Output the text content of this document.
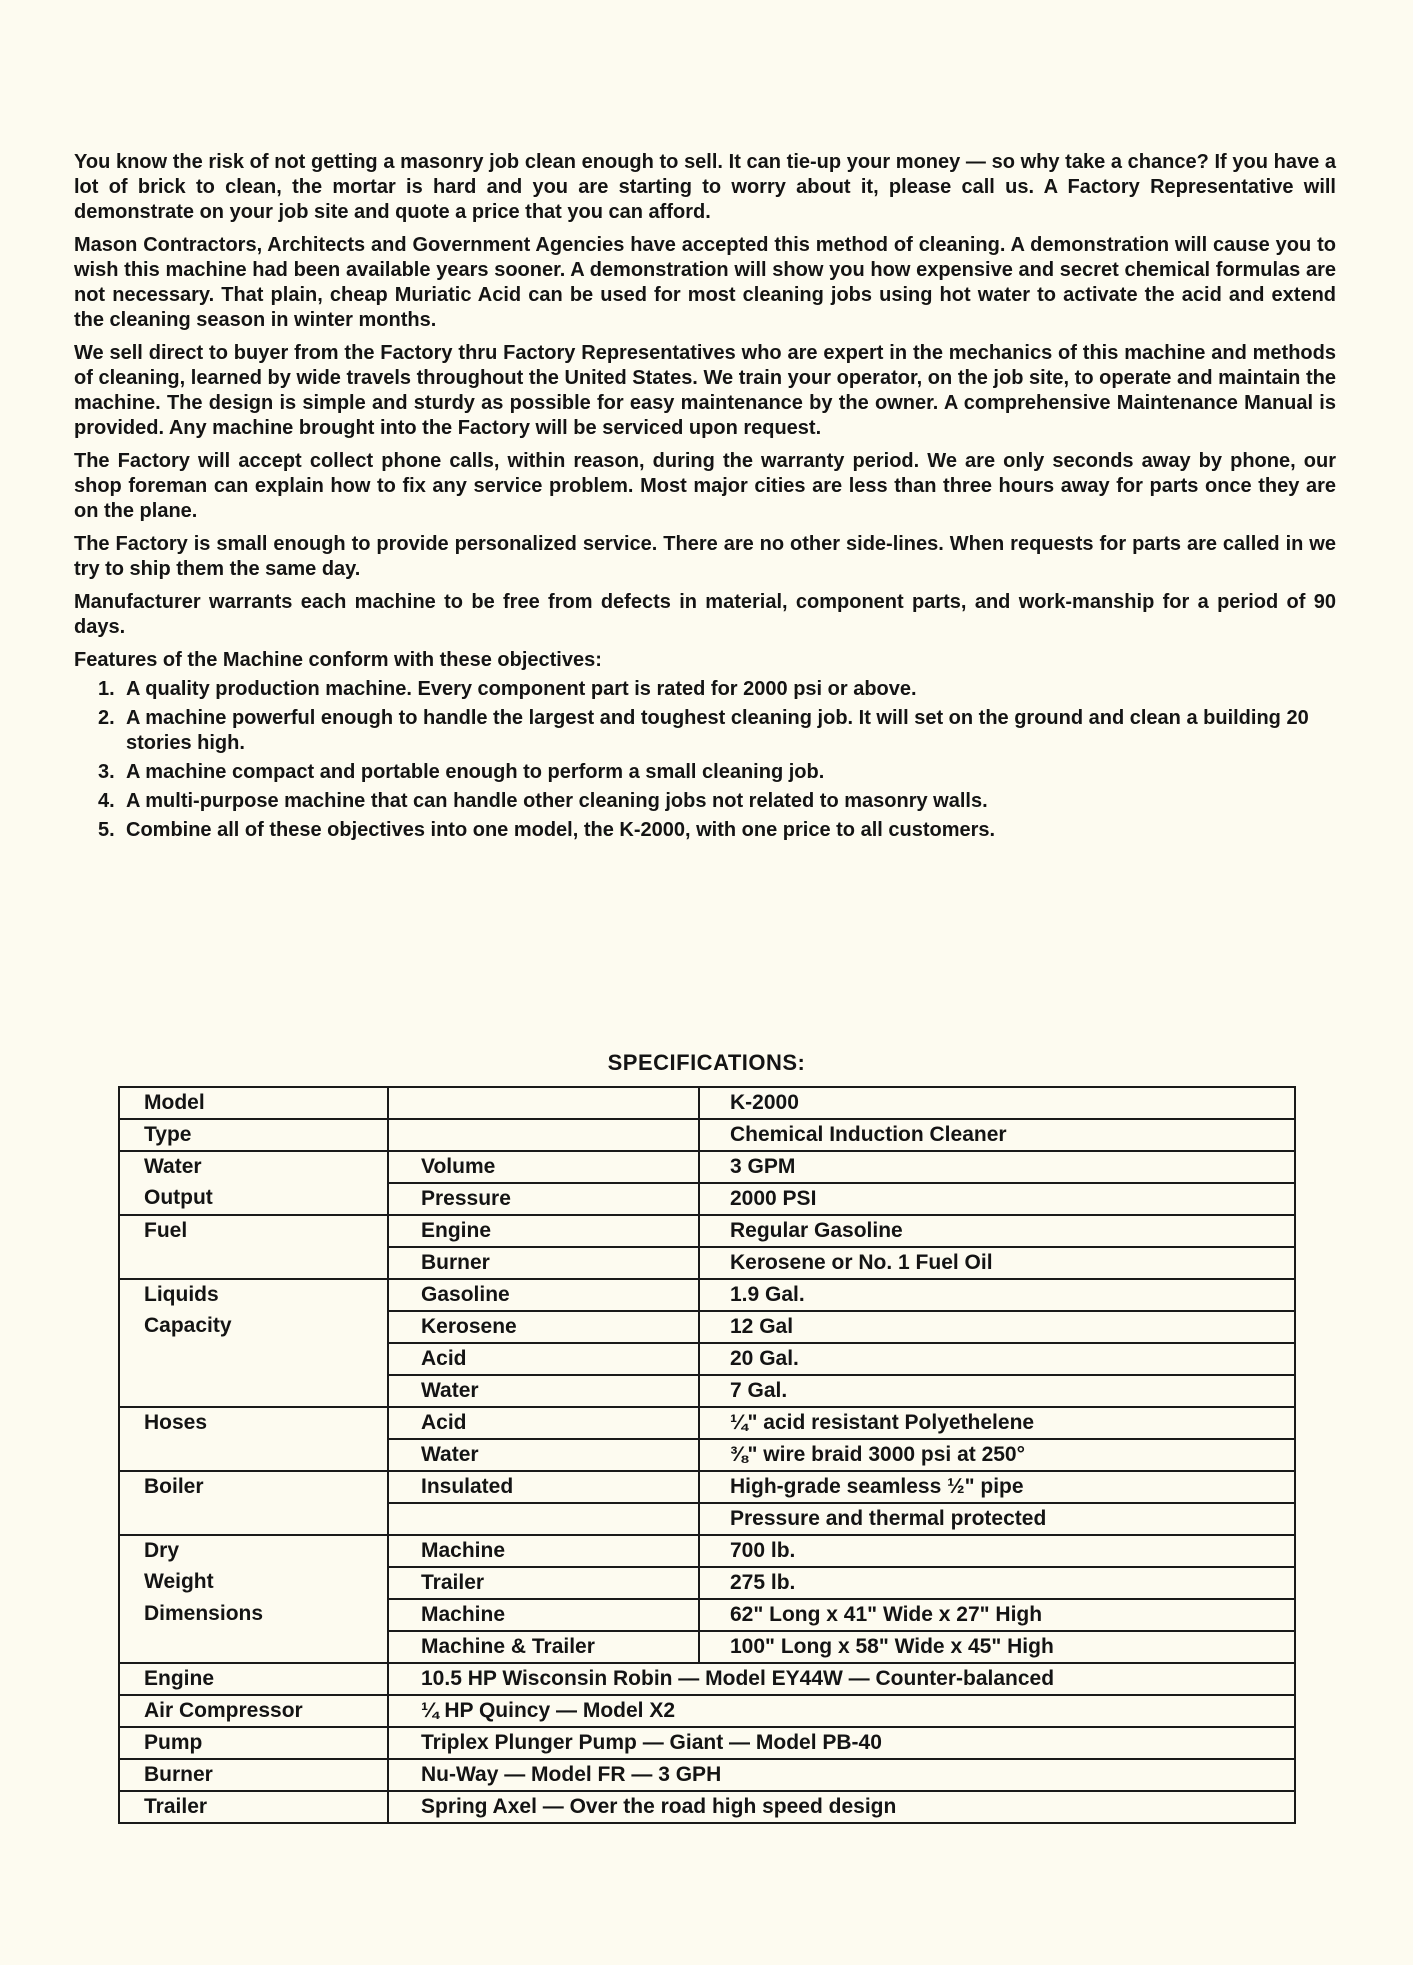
You know the risk of not getting a masonry job clean enough to sell. It can tie-up your money — so why take a chance? If you have a lot of brick to clean, the mortar is hard and you are starting to worry about it, please call us. A Factory Representative will demonstrate on your job site and quote a price that you can afford.

Mason Contractors, Architects and Government Agencies have accepted this method of cleaning. A demonstration will cause you to wish this machine had been available years sooner. A demonstration will show you how expensive and secret chemical formulas are not necessary. That plain, cheap Muriatic Acid can be used for most cleaning jobs using hot water to activate the acid and extend the cleaning season in winter months.

We sell direct to buyer from the Factory thru Factory Representatives who are expert in the mechanics of this machine and methods of cleaning, learned by wide travels throughout the United States. We train your operator, on the job site, to operate and maintain the machine. The design is simple and sturdy as possible for easy maintenance by the owner. A comprehensive Maintenance Manual is provided. Any machine brought into the Factory will be serviced upon request.

The Factory will accept collect phone calls, within reason, during the warranty period. We are only seconds away by phone, our shop foreman can explain how to fix any service problem. Most major cities are less than three hours away for parts once they are on the plane.

The Factory is small enough to provide personalized service. There are no other side-lines. When requests for parts are called in we try to ship them the same day.

Manufacturer warrants each machine to be free from defects in material, component parts, and work-manship for a period of 90 days.

Features of the Machine conform with these objectives:

1. A quality production machine. Every component part is rated for 2000 psi or above.
2. A machine powerful enough to handle the largest and toughest cleaning job. It will set on the ground and clean a building 20 stories high.
3. A machine compact and portable enough to perform a small cleaning job.
4. A multi-purpose machine that can handle other cleaning jobs not related to masonry walls.
5. Combine all of these objectives into one model, the K-2000, with one price to all customers.
SPECIFICATIONS:
Model		K-2000
Type		Chemical Induction Cleaner
Water	Volume	3 GPM
Output	Pressure	2000 PSI
Fuel	Engine	Regular Gasoline
	Burner	Kerosene or No. 1 Fuel Oil
Liquids	Gasoline	1.9 Gal.
Capacity	Kerosene	12 Gal
	Acid	20 Gal.
	Water	7 Gal.
Hoses	Acid	¼" acid resistant Polyethelene
	Water	⅜" wire braid 3000 psi at 250°
Boiler	Insulated	High-grade seamless ½" pipe
		Pressure and thermal protected
Dry	Machine	700 lb.
Weight	Trailer	275 lb.
Dimensions	Machine	62" Long x 41" Wide x 27" High
	Machine & Trailer	100" Long x 58" Wide x 45" High
Engine	10.5 HP Wisconsin Robin — Model EY44W — Counter-balanced	
Air Compressor	¼ HP Quincy — Model X2	
Pump	Triplex Plunger Pump — Giant — Model PB-40	
Burner	Nu-Way — Model FR — 3 GPH	
Trailer	Spring Axel — Over the road high speed design	
